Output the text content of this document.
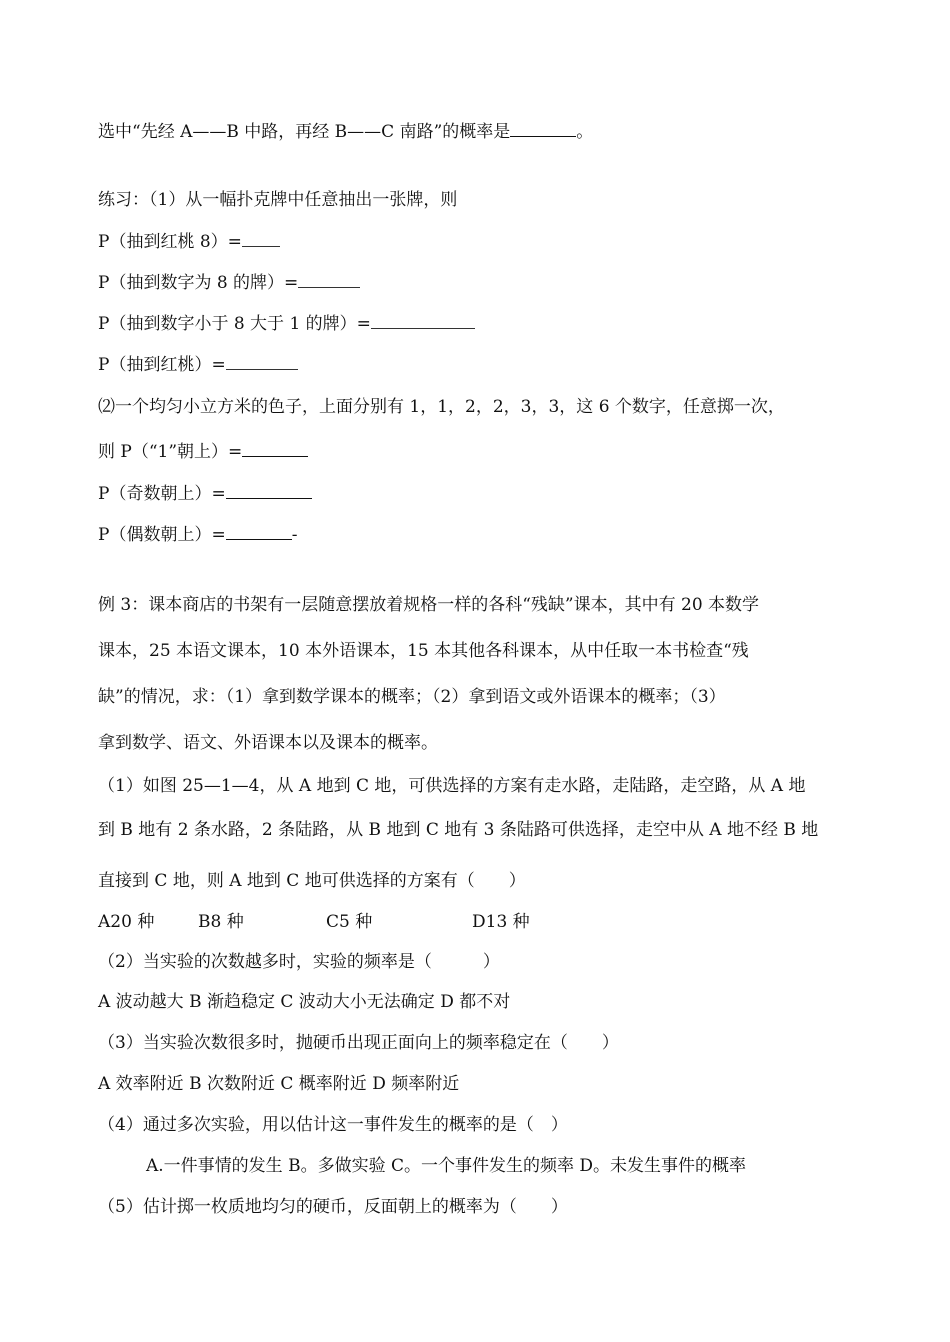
选中“先经 A——B 中路，再经 B——C 南路”的概率是	。
练习：（1）从一幅扑克牌中任意抽出一张牌，则
P（抽到红桃 8）=
P（抽到数字为 8 的牌）=
P（抽到数字小于 8 大于 1 的牌）=
P（抽到红桃）=
⑵一个均匀小立方米的色子，上面分别有 1，1，2，2，3，3，这 6 个数字，任意掷一次，
则 P（“1”朝上）=
P（奇数朝上）=
P（偶数朝上）=	-
例 3：课本商店的书架有一层随意摆放着规格一样的各科“残缺”课本，其中有 20 本数学
课本，25 本语文课本，10 本外语课本，15 本其他各科课本，从中任取一本书检查“残
缺”的情况，求：（1）拿到数学课本的概率；（2）拿到语文或外语课本的概率；（3）
拿到数学、语文、外语课本以及课本的概率。
（1）如图 25—1—4，从 A 地到 C 地，可供选择的方案有走水路，走陆路，走空路，从 A 地
到 B 地有 2 条水路，2 条陆路，从 B 地到 C 地有 3 条陆路可供选择，走空中从 A 地不经 B 地
直接到 C 地，则 A 地到 C 地可供选择的方案有（　　）
A20 种	B8 种	C5 种	D13 种
（2）当实验的次数越多时，实验的频率是（　　　）
A 波动越大 B 渐趋稳定 C 波动大小无法确定 D 都不对
（3）当实验次数很多时，抛硬币出现正面向上的频率稳定在（　　）
A 效率附近 B 次数附近 C 概率附近 D 频率附近
（4）通过多次实验，用以估计这一事件发生的概率的是（　）
A.一件事情的发生 B。多做实验 C。一个事件发生的频率 D。未发生事件的概率
（5）估计掷一枚质地均匀的硬币，反面朝上的概率为（　　）
